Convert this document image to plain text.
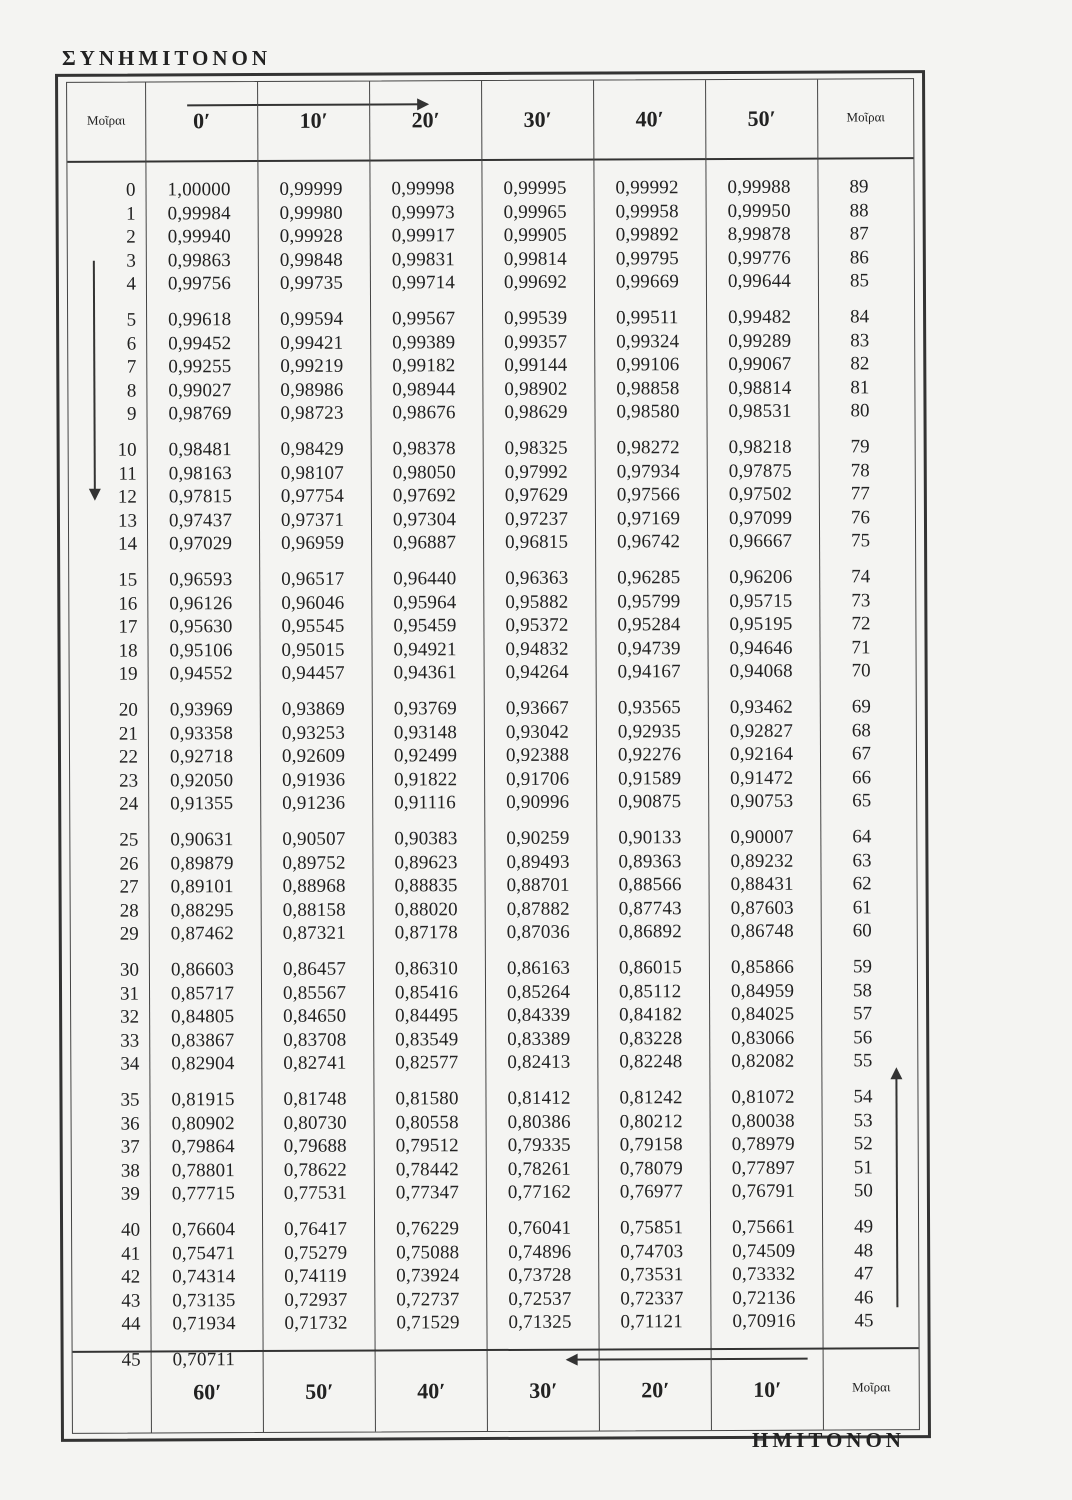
ΣΥΝΗΜΙΤΟΝΟΝ
Μοῖραι	0′	10′	20′	30′	40′	50′	Μοῖραι
0 1,00000	0,99999	0,99998	0,99995	0,99992	0,99988	89
1 0,99984	0,99980	0,99973	0,99965	0,99958	0,99950	88
2 0,99940	0,99928	0,99917	0,99905	0,99892	8,99878	87
3 0,99863	0,99848	0,99831	0,99814	0,99795	0,99776	86
4 0,99756	0,99735	0,99714	0,99692	0,99669	0,99644	85
5 0,99618	0,99594	0,99567	0,99539	0,99511	0,99482	84
6 0,99452	0,99421	0,99389	0,99357	0,99324	0,99289	83
7 0,99255	0,99219	0,99182	0,99144	0,99106	0,99067	82
8 0,99027	0,98986	0,98944	0,98902	0,98858	0,98814	81
9 0,98769	0,98723	0,98676	0,98629	0,98580	0,98531	80
10 0,98481	0,98429	0,98378	0,98325	0,98272	0,98218	79
11 0,98163	0,98107	0,98050	0,97992	0,97934	0,97875	78
12 0,97815	0,97754	0,97692	0,97629	0,97566	0,97502	77
13 0,97437	0,97371	0,97304	0,97237	0,97169	0,97099	76
14 0,97029	0,96959	0,96887	0,96815	0,96742	0,96667	75
15 0,96593	0,96517	0,96440	0,96363	0,96285	0,96206	74
16 0,96126	0,96046	0,95964	0,95882	0,95799	0,95715	73
17 0,95630	0,95545	0,95459	0,95372	0,95284	0,95195	72
18 0,95106	0,95015	0,94921	0,94832	0,94739	0,94646	71
19 0,94552	0,94457	0,94361	0,94264	0,94167	0,94068	70
20 0,93969	0,93869	0,93769	0,93667	0,93565	0,93462	69
21 0,93358	0,93253	0,93148	0,93042	0,92935	0,92827	68
22 0,92718	0,92609	0,92499	0,92388	0,92276	0,92164	67
23 0,92050	0,91936	0,91822	0,91706	0,91589	0,91472	66
24 0,91355	0,91236	0,91116	0,90996	0,90875	0,90753	65
25 0,90631	0,90507	0,90383	0,90259	0,90133	0,90007	64
26 0,89879	0,89752	0,89623	0,89493	0,89363	0,89232	63
27 0,89101	0,88968	0,88835	0,88701	0,88566	0,88431	62
28 0,88295	0,88158	0,88020	0,87882	0,87743	0,87603	61
29 0,87462	0,87321	0,87178	0,87036	0,86892	0,86748	60
30 0,86603	0,86457	0,86310	0,86163	0,86015	0,85866	59
31 0,85717	0,85567	0,85416	0,85264	0,85112	0,84959	58
32 0,84805	0,84650	0,84495	0,84339	0,84182	0,84025	57
33 0,83867	0,83708	0,83549	0,83389	0,83228	0,83066	56
34 0,82904	0,82741	0,82577	0,82413	0,82248	0,82082	55
35 0,81915	0,81748	0,81580	0,81412	0,81242	0,81072	54
36 0,80902	0,80730	0,80558	0,80386	0,80212	0,80038	53
37 0,79864	0,79688	0,79512	0,79335	0,79158	0,78979	52
38 0,78801	0,78622	0,78442	0,78261	0,78079	0,77897	51
39 0,77715	0,77531	0,77347	0,77162	0,76977	0,76791	50
40 0,76604	0,76417	0,76229	0,76041	0,75851	0,75661	49
41 0,75471	0,75279	0,75088	0,74896	0,74703	0,74509	48
42 0,74314	0,74119	0,73924	0,73728	0,73531	0,73332	47
43 0,73135	0,72937	0,72737	0,72537	0,72337	0,72136	46
44 0,71934	0,71732	0,71529	0,71325	0,71121	0,70916	45
45 0,70711
60′	50′	40′	30′	20′	10′	Μοῖραι
ΗΜΙΤΟΝΟΝ
